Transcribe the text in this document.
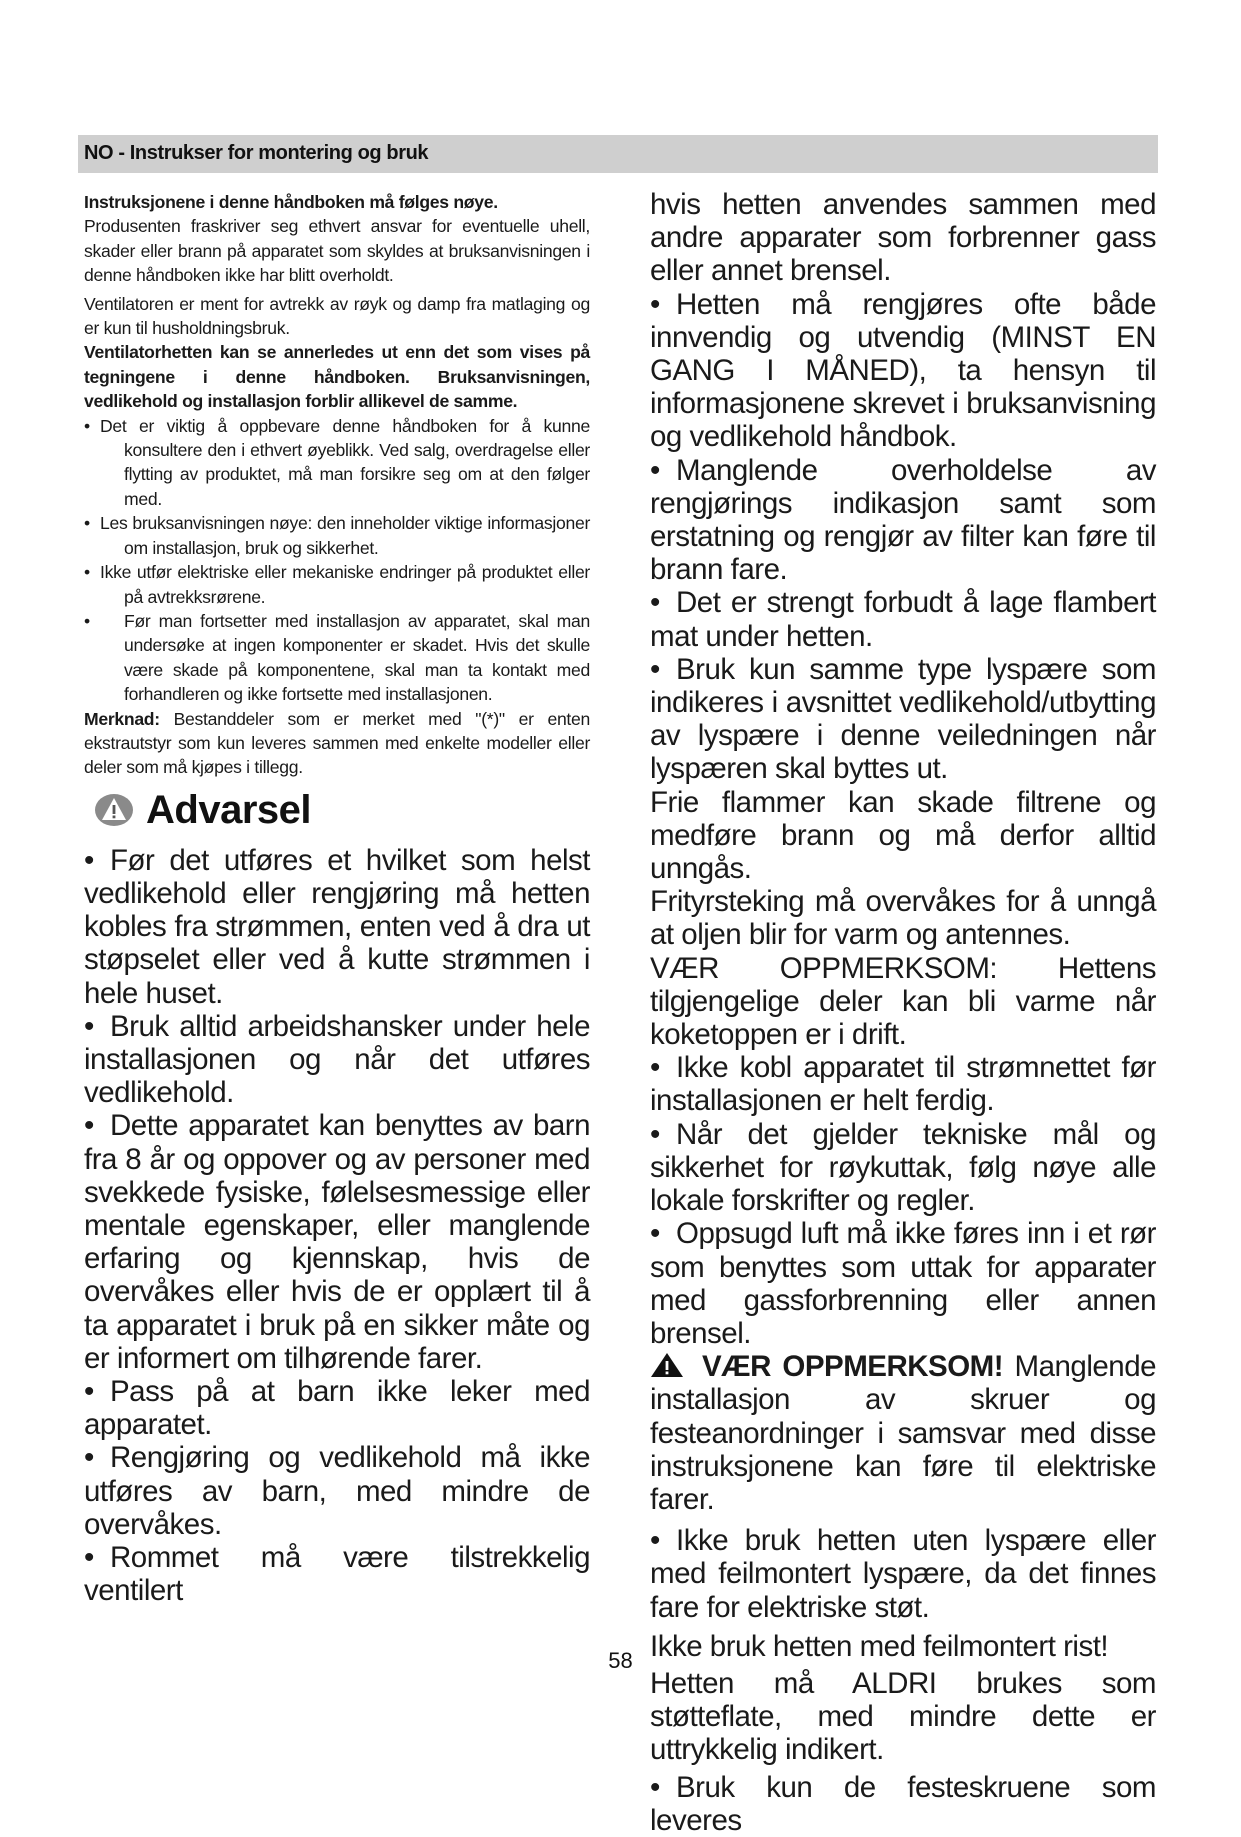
NO - Instrukser for montering og bruk

Instruksjonene i denne håndboken må følges nøye.

Produsenten fraskriver seg ethvert ansvar for eventuelle uhell, skader eller brann på apparatet som skyldes at bruksanvisningen i denne håndboken ikke har blitt overholdt.

Ventilatoren er ment for avtrekk av røyk og damp fra matlaging og er kun til husholdningsbruk.

Ventilatorhetten kan se annerledes ut enn det som vises på tegningene i denne håndboken. Bruksanvisningen, vedlikehold og installasjon forblir allikevel de samme.

• Det er viktig å oppbevare denne håndboken for å kunne konsultere den i ethvert øyeblikk. Ved salg, overdragelse eller flytting av produktet, må man forsikre seg om at den følger med.
• Les bruksanvisningen nøye: den inneholder viktige informasjoner om installasjon, bruk og sikkerhet.
• Ikke utfør elektriske eller mekaniske endringer på produktet eller på avtrekksrørene.
•	Før man fortsetter med installasjon av apparatet, skal man undersøke at ingen komponenter er skadet. Hvis det skulle være skade på komponentene, skal man ta kontakt med forhandleren og ikke fortsette med installasjonen.

Merknad: Bestanddeler som er merket med "(*)" er enten ekstrautstyr som kun leveres sammen med enkelte modeller eller deler som må kjøpes i tillegg.

Advarsel

• Før det utføres et hvilket som helst vedlikehold eller rengjøring må hetten kobles fra strømmen, enten ved å dra ut støpselet eller ved å kutte strømmen i hele huset.

• Bruk alltid arbeidshansker under hele installasjonen og når det utføres vedlikehold.

• Dette apparatet kan benyttes av barn fra 8 år og oppover og av personer med svekkede fysiske, følelsesmessige eller mentale egenskaper, eller manglende erfaring og kjennskap, hvis de overvåkes eller hvis de er opplært til å ta apparatet i bruk på en sikker måte og er informert om tilhørende farer.

• Pass på at barn ikke leker med apparatet.

• Rengjøring og vedlikehold må ikke utføres av barn, med mindre de overvåkes.

• Rommet må være tilstrekkelig ventilert

hvis hetten anvendes sammen med andre apparater som forbrenner gass eller annet brensel.

• Hetten må rengjøres ofte både innvendig og utvendig (MINST EN GANG I MÅNED), ta hensyn til informasjonene skrevet i bruksanvisning og vedlikehold håndbok.

• Manglende overholdelse av rengjørings indikasjon samt som erstatning og rengjør av filter kan føre til brann fare.

• Det er strengt forbudt å lage flambert mat under hetten.

• Bruk kun samme type lyspære som indikeres i avsnittet vedlikehold/utbytting av lyspære i denne veiledningen når lyspæren skal byttes ut.

Frie flammer kan skade filtrene og medføre brann og må derfor alltid unngås.

Frityrsteking må overvåkes for å unngå at oljen blir for varm og antennes.

VÆR OPPMERKSOM: Hettens tilgjengelige deler kan bli varme når koketoppen er i drift.

• Ikke kobl apparatet til strømnettet før installasjonen er helt ferdig.

• Når det gjelder tekniske mål og sikkerhet for røykuttak, følg nøye alle lokale forskrifter og regler.

• Oppsugd luft må ikke føres inn i et rør som benyttes som uttak for apparater med gassforbrenning eller annen brensel.

VÆR OPPMERKSOM! Manglende installasjon av skruer og festeanordninger i samsvar med disse instruksjonene kan føre til elektriske farer.

• Ikke bruk hetten uten lyspære eller med feilmontert lyspære, da det finnes fare for elektriske støt.

Ikke bruk hetten med feilmontert rist!

Hetten må ALDRI brukes som støtteflate, med mindre dette er uttrykkelig indikert.

• Bruk kun de festeskruene som leveres

58
